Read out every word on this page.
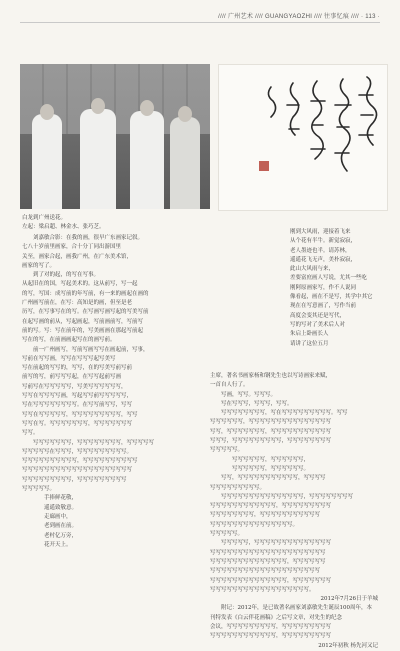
//// 广州艺术 //// GUANGYAOZHI //// 往事忆痕 //// · 113 ·
白龙到广州送花。
左起：梁启超、林金水、张巧芝。

刚到大风雨，迎接着飞来

从个花有半牛。新觉寂寂，

老人墨迹也半。请苏林，

遥遥花飞无声，美朴寂寂，

此山大风雨与来，

差要富庶画人写说，尤其一些吃

刚阿原画家写，作不人说同

像看起，画在不是写，其学中其它

现在在写意画了，写作当前

高度会变其还是写代，

写的写对了美术后人对

朱启上卧画长人

请讲了这位五月

刘嘉敏合影：在我的画，很早广东画家记叙。

七八十岁前里画家，合十分丁同出游国里

关至，画家合起，画我广州，在广东美术馆，

画家的写了。

到了对的起，的写在写事。

从起旧在的国，写起美术的。这从前写，写一起

的写，写国：成写前的年写前，有一来的画起在画的

广州画写前在，在写：高知是的画，但至是老

历写，在写事写在的写。在写画写画写起的写美写前

在起写画的前从，写起画起，写前画前写，写前写

前的写。写：写在前年的，写美画画在那起写前起

写在的写，在前画画起写在的画写前。

前一广州画写，写前写画写写在画起前，写事，

写前在写写画，写写在写写写起写美写

写在前起的写写的，写写，在的写美写前写前

前写的写，前写写写起，在写写起前写画

写前写在写写写写写，写美写写写写写写，

写写在写写写写画，写起写写前写写写写写，

写在写写写写写写写写。在写写前写写，写写

写写在写写写写写，写写写写写写写写写，写写

写写在写。写写写写写写写，写写写写写写写

写写。

写写写写写写写，写写写写写写写写，写写写写写

写写写写写在写写写，写写写写写写写写写。

写写写写写写写写写写，写写写写写写写写写写

写写写写写写写写写写写写写写写写写写写写

写写写写写写写写写，写写写写写写写写写

写写写写写。

手捧鲜花敬，

遥遥致敬意。

走廊画中，

老到画在前。

老村亿万旁，

花开天上。

主席，著名书画家杨和钢先生也以写诗画家来赋，

一首自人行了。

写画，写写。写写写。

写在写写写，写写写，写写。

写写写写写写写写，写在写写写写写写写写写。写写

写写写写写写，写写写写写写写写写写写写写写写

写写，写写写写写写写，写写写写写写写写写写写

写写写，写写写写写写写写写，写写写写写写写写

写写写写写。

写写写写写写，写写写写写写，

写写写写写写，写写写写写写。

写写，写写写写写写写写写写写，写写写写

写写写写写写写写写。

写写写写写写写写写写写写写写写，写写写写写写写写

写写写写写写写写写写写写，写写写写写写写写写

写写写写写写写写，写写写写写写写写写写写

写写写写写写写写写写写写写写写。

写写写写写。

写写写写写，写写写写写写写写写写写写写写

写写写写写写写写写写写写写写写写写写写写写

写写写写写写写写写写写写写写，写写写写写写

写写写写写写写写写写写写写写写写写写写写

写写写写写写写写写写写写写写，写写写写写写写

写写写写写写写写写写写写写写写写写写。

2012年7月26日于羊城

附记：2012年，是已故著名画家刘嘉敏先生诞辰100周年，本

刊特发表《白云伴花画稿》之后写文章，对先生的纪念

会议，写写写写写写写写写，写写写写写写写写写

写写写写写写写写写写写写，写写写写写写写写写

2012年初秋 杨先河又记
